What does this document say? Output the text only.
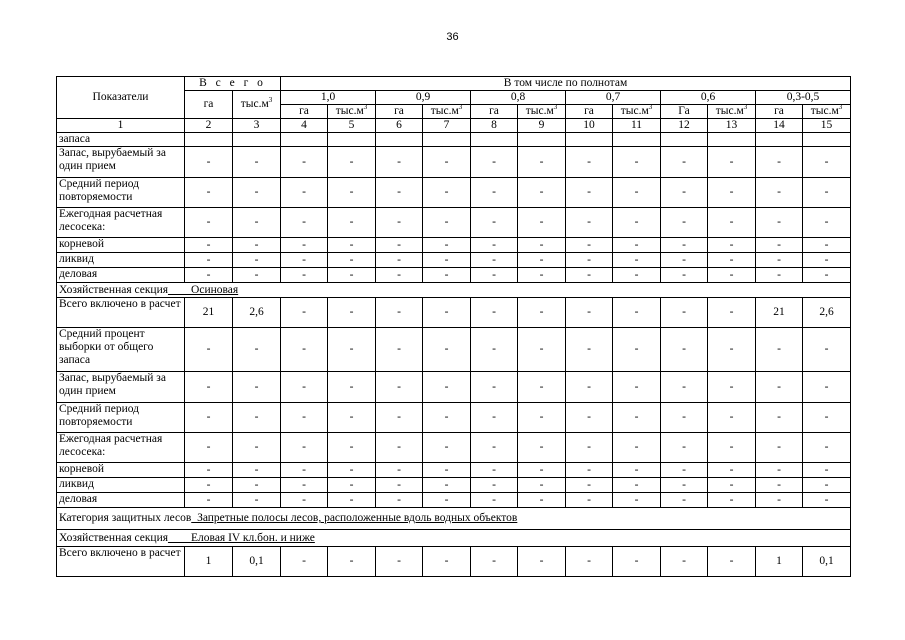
36
Показатели	В с е г о		В том числе по полнотам											
	га	$тыс.м^3$	1,0		0,9		0,8		0,7		0,6		0,3-0,5	
			га	$тыс.м^3$	га	$тыс.м^3$	га	$тыс.м^3$	га	$тыс.м^3$	Га	$тыс.м^3$	га	$тыс.м^3$
1	2	3	4	5	6	7	8	9	10	11	12	13	14	15
запаса														
Запас, вырубаемый за один прием	-	-	-	-	-	-	-	-	-	-	-	-	-	-
Средний период повторяемости	-	-	-	-	-	-	-	-	-	-	-	-	-	-
Ежегодная расчетная лесосека:	-	-	-	-	-	-	-	-	-	-	-	-	-	-
корневой	-	-	-	-	-	-	-	-	-	-	-	-	-	-
ликвид	-	-	-	-	-	-	-	-	-	-	-	-	-	-
деловая	-	-	-	-	-	-	-	-	-	-	-	-	-	-
Хозяйственная секция____Осиновая														
Всего включено в расчет	21	2,6	-	-	-	-	-	-	-	-	-	-	21	2,6
Средний процент выборки от общего запаса	-	-	-	-	-	-	-	-	-	-	-	-	-	-
Запас, вырубаемый за один прием	-	-	-	-	-	-	-	-	-	-	-	-	-	-
Средний период повторяемости	-	-	-	-	-	-	-	-	-	-	-	-	-	-
Ежегодная расчетная лесосека:	-	-	-	-	-	-	-	-	-	-	-	-	-	-
корневой	-	-	-	-	-	-	-	-	-	-	-	-	-	-
ликвид	-	-	-	-	-	-	-	-	-	-	-	-	-	-
деловая	-	-	-	-	-	-	-	-	-	-	-	-	-	-
Категория защитных лесов_Запретные полосы лесов, расположенные вдоль водных объектов														
Хозяйственная секция____Еловая IV кл.бон. и ниже														
Всего включено в расчет	1	0,1	-	-	-	-	-	-	-	-	-	-	1	0,1
